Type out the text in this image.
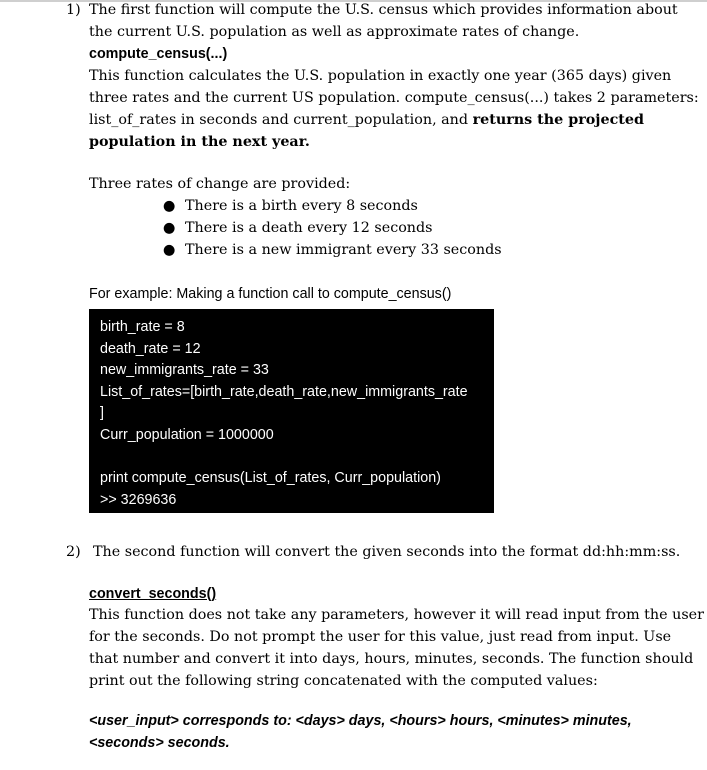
1) The first function will compute the U.S. census which provides information about
the current U.S. population as well as approximate rates of change.
compute_census(...)
This function calculates the U.S. population in exactly one year (365 days) given
three rates and the current US population. compute_census(...) takes 2 parameters:
list_of_rates in seconds and current_population, and returns the projected
population in the next year.
Three rates of change are provided:
● There is a birth every 8 seconds
● There is a death every 12 seconds
● There is a new immigrant every 33 seconds
For example: Making a function call to compute_census()
birth_rate = 8
death_rate = 12
new_immigrants_rate = 33
List_of_rates=[birth_rate,death_rate,new_immigrants_rate
]
Curr_population = 1000000
print compute_census(List_of_rates, Curr_population)
>> 3269636
2) The second function will convert the given seconds into the format dd:hh:mm:ss.
convert_seconds()
This function does not take any parameters, however it will read input from the user
for the seconds. Do not prompt the user for this value, just read from input. Use
that number and convert it into days, hours, minutes, seconds. The function should
print out the following string concatenated with the computed values:
<user_input> corresponds to: <days> days, <hours> hours, <minutes> minutes,
<seconds> seconds.
